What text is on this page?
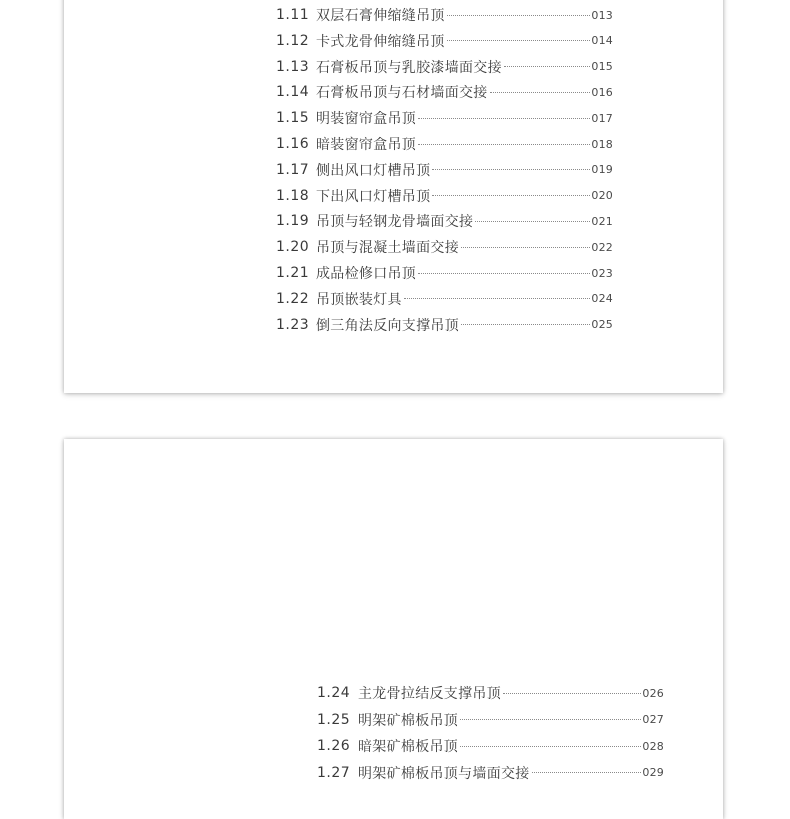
1.11 双层石膏伸缩缝吊顶	013
1.12 卡式龙骨伸缩缝吊顶	014
1.13 石膏板吊顶与乳胶漆墙面交接	015
1.14 石膏板吊顶与石材墙面交接	016
1.15 明装窗帘盒吊顶	017
1.16 暗装窗帘盒吊顶	018
1.17 侧出风口灯槽吊顶	019
1.18 下出风口灯槽吊顶	020
1.19 吊顶与轻钢龙骨墙面交接	021
1.20 吊顶与混凝土墙面交接	022
1.21 成品检修口吊顶	023
1.22 吊顶嵌装灯具	024
1.23 倒三角法反向支撑吊顶	025
1.24 主龙骨拉结反支撑吊顶	026
1.25 明架矿棉板吊顶	027
1.26 暗架矿棉板吊顶	028
1.27 明架矿棉板吊顶与墙面交接	029
